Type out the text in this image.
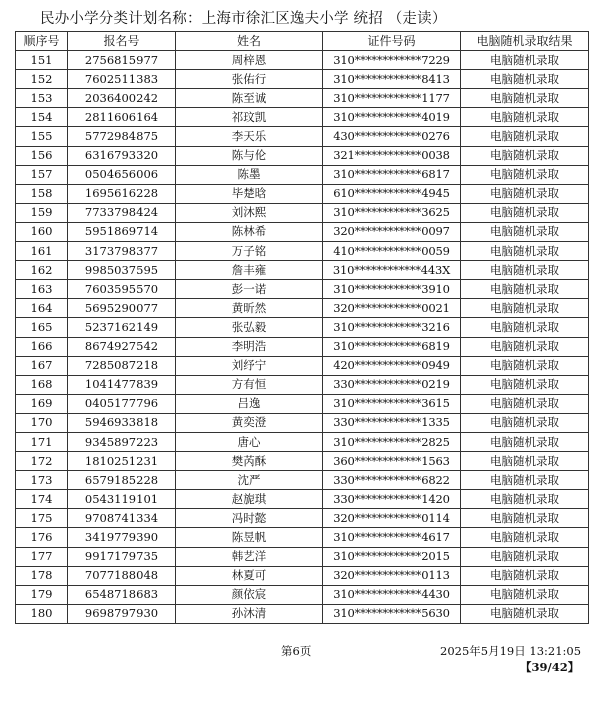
民办小学分类计划名称：上海市徐汇区逸夫小学 统招 （走读）
顺序号	报名号	姓名	证件号码	电脑随机录取结果
151	2756815977	周梓恩	310************7229	电脑随机录取
152	7602511383	张佑行	310************8413	电脑随机录取
153	2036400242	陈至诚	310************1177	电脑随机录取
154	2811606164	祁玟凯	310************4019	电脑随机录取
155	5772984875	李天乐	430************0276	电脑随机录取
156	6316793320	陈与伦	321************0038	电脑随机录取
157	0504656006	陈墨	310************6817	电脑随机录取
158	1695616228	毕楚晗	610************4945	电脑随机录取
159	7733798424	刘沐熙	310************3625	电脑随机录取
160	5951869714	陈林希	320************0097	电脑随机录取
161	3173798377	万子铭	410************0059	电脑随机录取
162	9985037595	詹丰雍	310************443X	电脑随机录取
163	7603595570	彭一诺	310************3910	电脑随机录取
164	5695290077	黄昕然	320************0021	电脑随机录取
165	5237162149	张弘毅	310************3216	电脑随机录取
166	8674927542	李明浩	310************6819	电脑随机录取
167	7285087218	刘纾宁	420************0949	电脑随机录取
168	1041477839	方有恒	330************0219	电脑随机录取
169	0405177796	吕逸	310************3615	电脑随机录取
170	5946933818	黄奕澄	330************1335	电脑随机录取
171	9345897223	唐心	310************2825	电脑随机录取
172	1810251231	樊芮酥	360************1563	电脑随机录取
173	6579185228	沈严	330************6822	电脑随机录取
174	0543119101	赵旎琪	330************1420	电脑随机录取
175	9708741334	冯时懿	320************0114	电脑随机录取
176	3419779390	陈昱帆	310************4617	电脑随机录取
177	9917179735	韩艺洋	310************2015	电脑随机录取
178	7077188048	林夏可	320************0113	电脑随机录取
179	6548718683	颜依宸	310************4430	电脑随机录取
180	9698797930	孙沐清	310************5630	电脑随机录取
第6页	2025年5月19日 13:21:05
【39/42】
